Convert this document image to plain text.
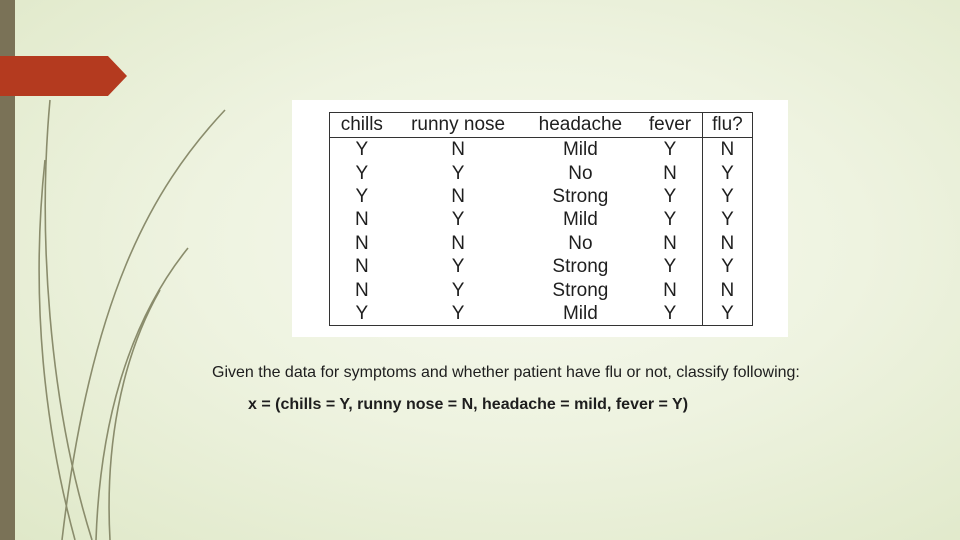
chills	runny nose	headache	fever	flu?
Y	N	Mild	Y	N
Y	Y	No	N	Y
Y	N	Strong	Y	Y
N	Y	Mild	Y	Y
N	N	No	N	N
N	Y	Strong	Y	Y
N	Y	Strong	N	N
Y	Y	Mild	Y	Y
Given the data for symptoms and whether patient have flu or not, classify following:
x = (chills = Y, runny nose = N, headache = mild, fever = Y)
